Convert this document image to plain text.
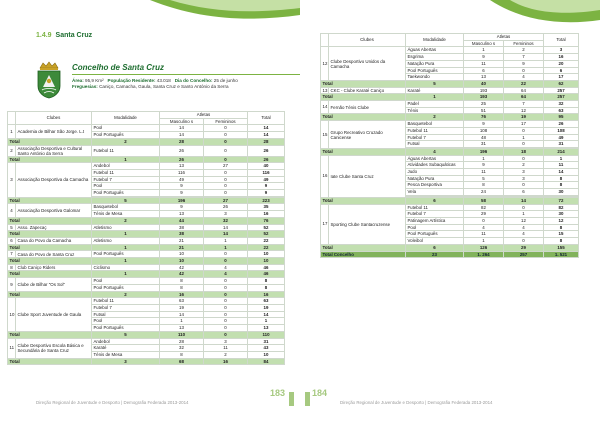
1.4.9 Santa Cruz
Concelho de Santa Cruz
Área: 95,9 Km² População Residente: 43.018 Dia do Concelho: 25 de junho
Freguesias: Caniço, Camacha, Gaula, Santa Cruz e Santo António da Serra
	Clubes	Modalidade	Atletas		Total
			Masculino s	Femininos	
1	Academia de Bilhar São Jorge. L.t	Pool	14	0	14
		Pool Português	14	0	14
Total		2	28	0	28
2	Associação Desportiva e Cultural Santo António da Serra	Futebol 11	26	0	26
Total		1	26	0	26
3	Associação Desportiva da Camacha	Andebol	13	27	40
		Futebol 11	116	0	116
		Futebol 7	49	0	49
		Pool	9	0	9
		Pool Português	9	0	9

Total		5	196	27	223
4	Associação Desportiva Galomar	Basquetebol	9	26	35
		Ténis de Mesa	13	3	16
Total		2	44	32	76
5	Asso. Zapecaç	Atletismo	38	14	52
Total		1	38	14	52
6	Casa do Povo da Camacha	Atletismo	21	1	22
Total		1	21	1	22
7	Casa do Povo de Santa Cruz	Pool Português	10	0	10
Total		1	10	0	10
8	Club Caniço Riders	Ciclismo	42	4	46
Total		1	42	4	46
9	Clube de Bilhar "Os Sol"	Pool	8	0	8
		Pool Português	8	0	8
Total		2	16	0	16
10	Clube Sport Juventude de Gaula	Futebol 11	63	0	63
		Futebol 7	19	0	19
		Futsal	14	0	14
		Pool	1	0	1
		Pool Português	13	0	13
Total		5	110	0	110
11	Clube Desportivo Escola Básica e Secundária de Santa Cruz	Andebol	28	3	31
		Karaté	32	11	43
		Ténis de Mesa	8	2	10
Total		3	68	16	84
Direção Regional de Juventude e Desporto | Demografia Federada 2013-2014
183
	Clubes	Modalidade	Atletas		Total
			Masculino s	Femininos	
12	Clube Desportivo Unidos da Camacha	Águas Abertas	1	2	3
		Esgrima	9	7	16
		Natação Pura	11	9	20
		Pool Português	6	0	6
		Taekwondo	13	4	17
Total		5	40	22	62
13	CKC - Clube Karaté Caniço	Karaté	193	64	257
Total		1	193	64	257
14	Fernão Ténis Clube	Padel	25	7	32
		Ténis	51	12	63
Total		2	76	19	95
15	Grupo Recreativo Cruzado Canicense	Basquetebol	9	17	26
		Futebol 11	108	0	108
		Futebol 7	48	1	49
		Futsal	31	0	31

Total		4	196	18	214
16	Iate Clube Santa Cruz	Águas Abertas	1	0	1
		Atividades Subaquáticas	9	2	11
		Judo	11	3	14
		Natação Pura	5	3	8
		Pesca Desportiva	8	0	8
		Vela	24	6	30

Total		6	58	14	72
17	Sporting Clube Santacruzense	Futebol 11	82	0	82
		Futebol 7	29	1	30
		Patinagem Artística	0	12	12
		Pool	4	4	8
		Pool Português	11	4	15
		Voleibol	1	0	8
Total		6	126	29	155
Total Concelho		23	1. 264	257	1. 521
184
Direção Regional de Juventude e Desporto | Demografia Federada 2013-2014
